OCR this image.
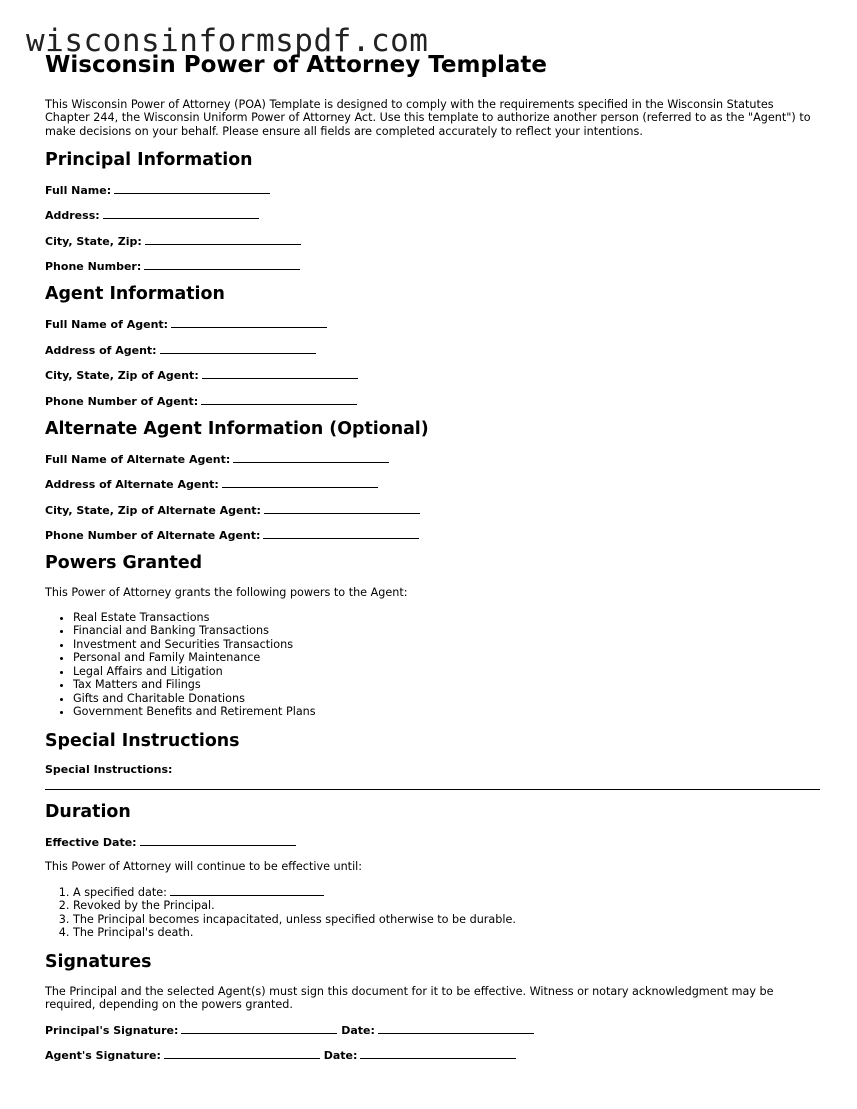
wisconsinformspdf.com
Wisconsin Power of Attorney Template

This Wisconsin Power of Attorney (POA) Template is designed to comply with the requirements specified in the Wisconsin Statutes Chapter 244, the Wisconsin Uniform Power of Attorney Act. Use this template to authorize another person (referred to as the "Agent") to make decisions on your behalf. Please ensure all fields are completed accurately to reflect your intentions.

Principal Information

Full Name:

Address:

City, State, Zip:

Phone Number:

Agent Information

Full Name of Agent:

Address of Agent:

City, State, Zip of Agent:

Phone Number of Agent:

Alternate Agent Information (Optional)

Full Name of Alternate Agent:

Address of Alternate Agent:

City, State, Zip of Alternate Agent:

Phone Number of Alternate Agent:

Powers Granted

This Power of Attorney grants the following powers to the Agent:

• Real Estate Transactions
• Financial and Banking Transactions
• Investment and Securities Transactions
• Personal and Family Maintenance
• Legal Affairs and Litigation
• Tax Matters and Filings
• Gifts and Charitable Donations
• Government Benefits and Retirement Plans
Special Instructions

Special Instructions:

Duration

Effective Date:

This Power of Attorney will continue to be effective until:

1. A specified date:
2. Revoked by the Principal.
3. The Principal becomes incapacitated, unless specified otherwise to be durable.
4. The Principal's death.
Signatures

The Principal and the selected Agent(s) must sign this document for it to be effective. Witness or notary acknowledgment may be required, depending on the powers granted.

Principal's Signature:	Date:

Agent's Signature:	Date:
